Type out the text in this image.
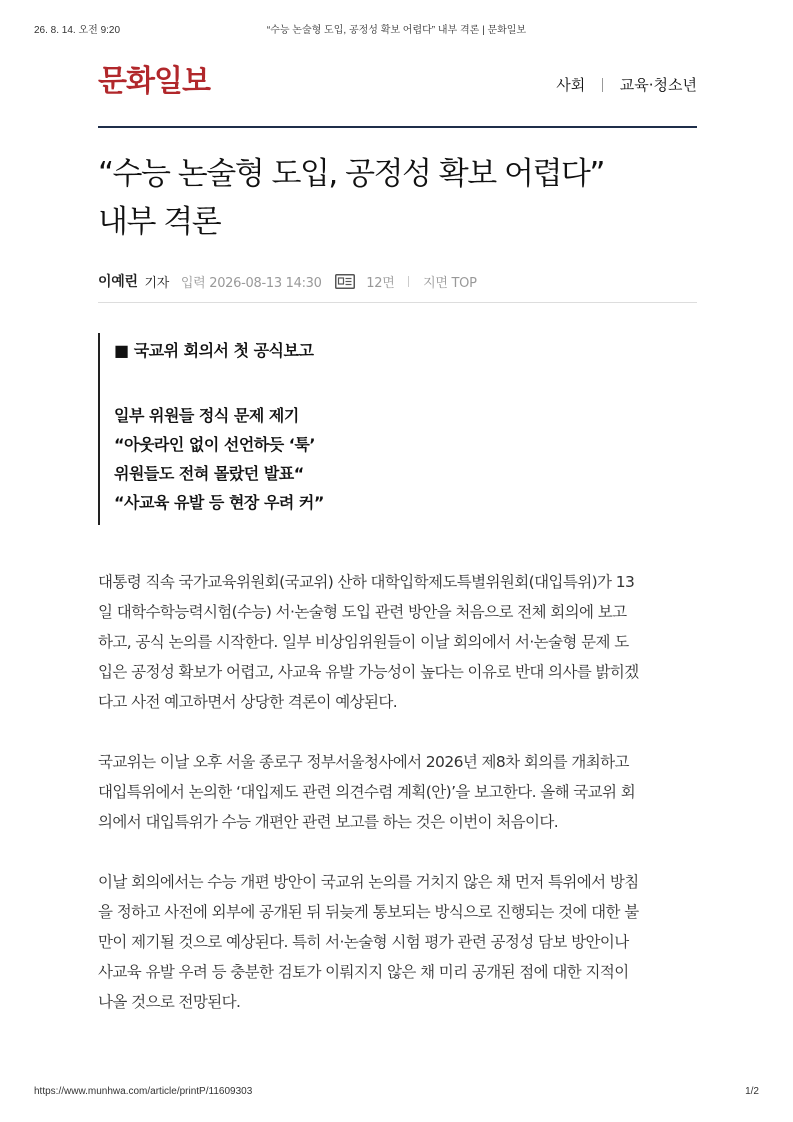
26. 8. 14. 오전 9:20	“수능 논술형 도입, 공정성 확보 어렵다” 내부 격론 | 문화일보
문화일보	사회 교육·청소년
“수능 논술형 도입, 공정성 확보 어렵다”
내부 격론
이예린 기자 입력 2026-08-13 14:30	12면 지면 TOP
■ 국교위 회의서 첫 공식보고
일부 위원들 정식 문제 제기
“아웃라인 없이 선언하듯 ‘툭’
위원들도 전혀 몰랐던 발표“
“사교육 유발 등 현장 우려 커”

대통령 직속 국가교육위원회(국교위) 산하 대학입학제도특별위원회(대입특위)가 13
일 대학수학능력시험(수능) 서·논술형 도입 관련 방안을 처음으로 전체 회의에 보고
하고, 공식 논의를 시작한다. 일부 비상임위원들이 이날 회의에서 서·논술형 문제 도
입은 공정성 확보가 어렵고, 사교육 유발 가능성이 높다는 이유로 반대 의사를 밝히겠
다고 사전 예고하면서 상당한 격론이 예상된다.

국교위는 이날 오후 서울 종로구 정부서울청사에서 2026년 제8차 회의를 개최하고
대입특위에서 논의한 ‘대입제도 관련 의견수렴 계획(안)’을 보고한다. 올해 국교위 회
의에서 대입특위가 수능 개편안 관련 보고를 하는 것은 이번이 처음이다.

이날 회의에서는 수능 개편 방안이 국교위 논의를 거치지 않은 채 먼저 특위에서 방침
을 정하고 사전에 외부에 공개된 뒤 뒤늦게 통보되는 방식으로 진행되는 것에 대한 불
만이 제기될 것으로 예상된다. 특히 서·논술형 시험 평가 관련 공정성 담보 방안이나
사교육 유발 우려 등 충분한 검토가 이뤄지지 않은 채 미리 공개된 점에 대한 지적이
나올 것으로 전망된다.

https://www.munhwa.com/article/printP/11609303	1/2
